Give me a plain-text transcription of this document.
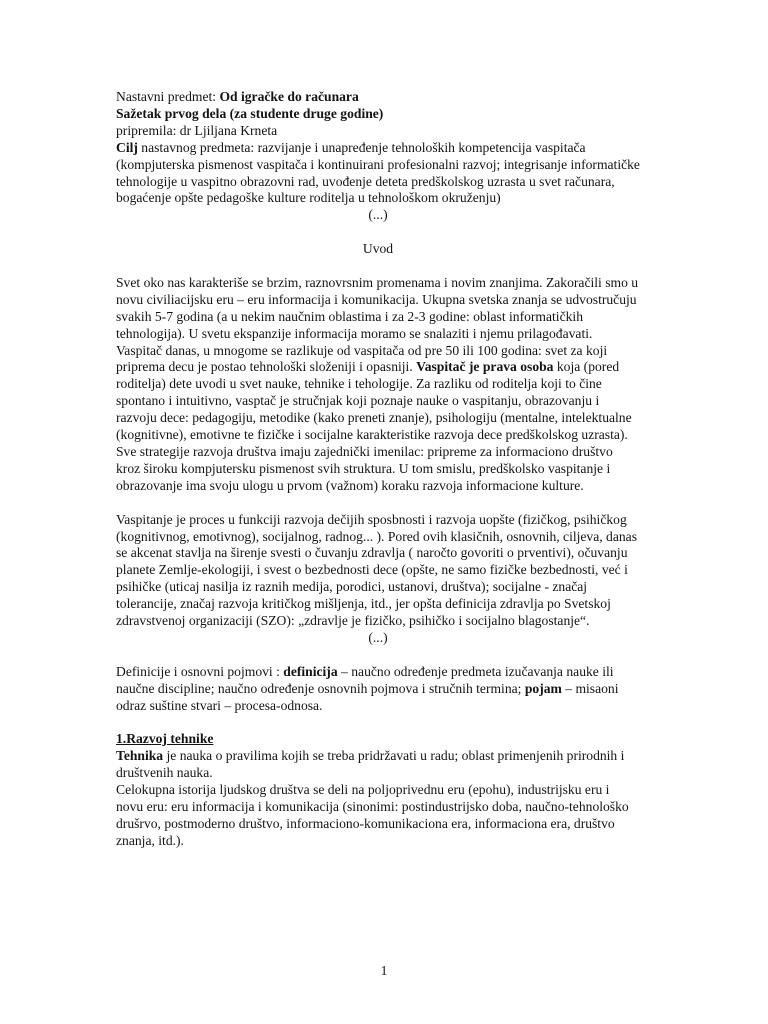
Nastavni predmet: Od igračke do računara

Sažetak prvog dela (za studente druge godine)

pripremila: dr Ljiljana Krneta

Cilj nastavnog predmeta: razvijanje i unapređenje tehnoloških kompetencija vaspitača (kompjuterska pismenost vaspitača i kontinuirani profesionalni razvoj; integrisanje informatičke tehnologije u vaspitno obrazovni rad, uvođenje deteta predškolskog uzrasta u svet računara, bogaćenje opšte pedagoške kulture roditelja u tehnološkom okruženju)

(...)

Uvod

Svet oko nas karakteriše se brzim, raznovrsnim promenama i novim znanjima. Zakoračili smo u novu civiliacijsku eru – eru informacija i komunikacija. Ukupna svetska znanja se udvostručuju svakih 5-7 godina (a u nekim naučnim oblastima i za 2-3 godine: oblast informatičkih tehnologija). U svetu ekspanzije informacija moramo se snalaziti i njemu prilagođavati. Vaspitač danas, u mnogome se razlikuje od vaspitača od pre 50 ili 100 godina: svet za koji priprema decu je postao tehnološki složeniji i opasniji. Vaspitač je prava osoba koja (pored roditelja) dete uvodi u svet nauke, tehnike i tehologije. Za razliku od roditelja koji to čine spontano i intuitivno, vasptač je stručnjak koji poznaje nauke o vaspitanju, obrazovanju i razvoju dece: pedagogiju, metodike (kako preneti znanje), psihologiju (mentalne, intelektualne (kognitivne), emotivne te fizičke i socijalne karakteristike razvoja dece predškolskog uzrasta).

Sve strategije razvoja društva imaju zajednički imenilac: pripreme za informaciono društvo kroz široku kompjutersku pismenost svih struktura. U tom smislu, predškolsko vaspitanje i obrazovanje ima svoju ulogu u prvom (važnom) koraku razvoja informacione kulture.

Vaspitanje je proces u funkciji razvoja dečijih sposbnosti i razvoja uopšte (fizičkog, psihičkog (kognitivnog, emotivnog), socijalnog, radnog... ). Pored ovih klasičnih, osnovnih, ciljeva, danas se akcenat stavlja na širenje svesti o čuvanju zdravlja ( naročto govoriti o prventivi), očuvanju planete Zemlje-ekologiji, i svest o bezbednosti dece (opšte, ne samo fizičke bezbednosti, već i psihičke (uticaj nasilja iz raznih medija, porodici, ustanovi, društva); socijalne - značaj tolerancije, značaj razvoja kritičkog mišljenja, itd., jer opšta definicija zdravlja po Svetskoj zdravstvenoj organizaciji (SZO): „zdravlje je fizičko, psihičko i socijalno blagostanje“.

(...)

Definicije i osnovni pojmovi : definicija – naučno određenje predmeta izučavanja nauke ili naučne discipline; naučno određenje osnovnih pojmova i stručnih termina; pojam – misaoni odraz suštine stvari – procesa-odnosa.

1.Razvoj tehnike

Tehnika je nauka o pravilima kojih se treba pridržavati u radu; oblast primenjenih prirodnih i društvenih nauka.

Celokupna istorija ljudskog društva se deli na poljoprivednu eru (epohu), industrijsku eru i novu eru: eru informacija i komunikacija (sinonimi: postindustrijsko doba, naučno-tehnološko drušrvo, postmoderno društvo, informaciono-komunikaciona era, informaciona era, društvo znanja, itd.).

1
